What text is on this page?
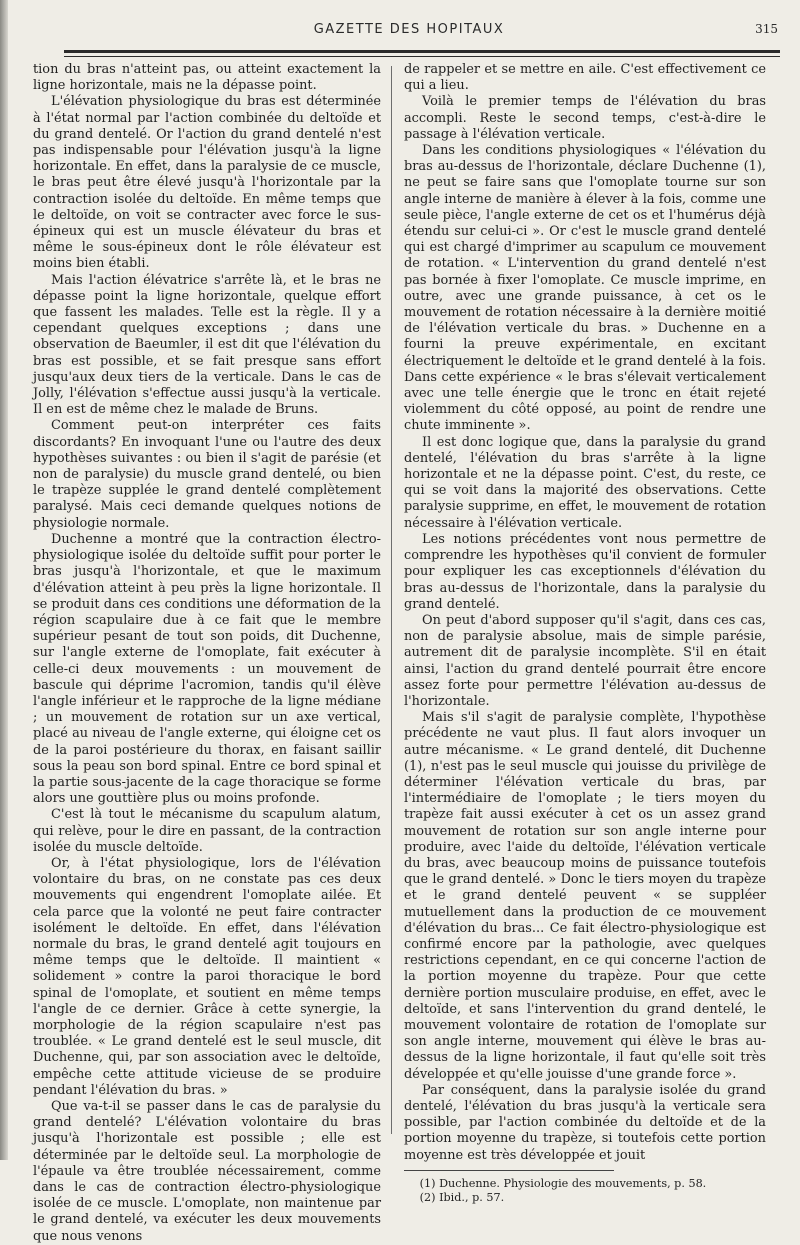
GAZETTE DES HOPITAUX	315

tion du bras n'atteint pas, ou atteint exactement la ligne horizontale, mais ne la dépasse point.

L'élévation physiologique du bras est déterminée à l'état normal par l'action combinée du deltoïde et du grand dentelé. Or l'action du grand dentelé n'est pas indispensable pour l'élévation jusqu'à la ligne horizontale. En effet, dans la paralysie de ce muscle, le bras peut être élevé jusqu'à l'horizontale par la contraction isolée du deltoïde. En même temps que le deltoïde, on voit se contracter avec force le sus-épineux qui est un muscle élévateur du bras et même le sous-épineux dont le rôle élévateur est moins bien établi.

Mais l'action élévatrice s'arrête là, et le bras ne dépasse point la ligne horizontale, quelque effort que fassent les malades. Telle est la règle. Il y a cependant quelques exceptions ; dans une observation de Baeumler, il est dit que l'élévation du bras est possible, et se fait presque sans effort jusqu'aux deux tiers de la verticale. Dans le cas de Jolly, l'élévation s'effectue aussi jusqu'à la verticale. Il en est de même chez le malade de Bruns.

Comment peut-on interpréter ces faits discordants? En invoquant l'une ou l'autre des deux hypothèses suivantes : ou bien il s'agit de parésie (et non de paralysie) du muscle grand dentelé, ou bien le trapèze supplée le grand dentelé complètement paralysé. Mais ceci demande quelques notions de physiologie normale.

Duchenne a montré que la contraction électro-physiologique isolée du deltoïde suffit pour porter le bras jusqu'à l'horizontale, et que le maximum d'élévation atteint à peu près la ligne horizontale. Il se produit dans ces conditions une déformation de la région scapulaire due à ce fait que le membre supérieur pesant de tout son poids, dit Duchenne, sur l'angle externe de l'omoplate, fait exécuter à celle-ci deux mouvements : un mouvement de bascule qui déprime l'acromion, tandis qu'il élève l'angle inférieur et le rapproche de la ligne médiane ; un mouvement de rotation sur un axe vertical, placé au niveau de l'angle externe, qui éloigne cet os de la paroi postérieure du thorax, en faisant saillir sous la peau son bord spinal. Entre ce bord spinal et la partie sous-jacente de la cage thoracique se forme alors une gouttière plus ou moins profonde.

C'est là tout le mécanisme du scapulum alatum, qui relève, pour le dire en passant, de la contraction isolée du muscle deltoïde.

Or, à l'état physiologique, lors de l'élévation volontaire du bras, on ne constate pas ces deux mouvements qui engendrent l'omoplate ailée. Et cela parce que la volonté ne peut faire contracter isolément le deltoïde. En effet, dans l'élévation normale du bras, le grand dentelé agit toujours en même temps que le deltoïde. Il maintient « solidement » contre la paroi thoracique le bord spinal de l'omoplate, et soutient en même temps l'angle de ce dernier. Grâce à cette synergie, la morphologie de la région scapulaire n'est pas troublée. « Le grand dentelé est le seul muscle, dit Duchenne, qui, par son association avec le deltoïde, empêche cette attitude vicieuse de se produire pendant l'élévation du bras. »

Que va-t-il se passer dans le cas de paralysie du grand dentelé? L'élévation volontaire du bras jusqu'à l'horizontale est possible ; elle est déterminée par le deltoïde seul. La morphologie de l'épaule va être troublée nécessairement, comme dans le cas de contraction électro-physiologique isolée de ce muscle. L'omoplate, non maintenue par le grand dentelé, va exécuter les deux mouvements que nous venons

de rappeler et se mettre en aile. C'est effectivement ce qui a lieu.

Voilà le premier temps de l'élévation du bras accompli. Reste le second temps, c'est-à-dire le passage à l'élévation verticale.

Dans les conditions physiologiques « l'élévation du bras au-dessus de l'horizontale, déclare Duchenne (1), ne peut se faire sans que l'omoplate tourne sur son angle interne de manière à élever à la fois, comme une seule pièce, l'angle externe de cet os et l'humérus déjà étendu sur celui-ci ». Or c'est le muscle grand dentelé qui est chargé d'imprimer au scapulum ce mouvement de rotation. « L'intervention du grand dentelé n'est pas bornée à fixer l'omoplate. Ce muscle imprime, en outre, avec une grande puissance, à cet os le mouvement de rotation nécessaire à la dernière moitié de l'élévation verticale du bras. » Duchenne en a fourni la preuve expérimentale, en excitant électriquement le deltoïde et le grand dentelé à la fois. Dans cette expérience « le bras s'élevait verticalement avec une telle énergie que le tronc en était rejeté violemment du côté opposé, au point de rendre une chute imminente ».

Il est donc logique que, dans la paralysie du grand dentelé, l'élévation du bras s'arrête à la ligne horizontale et ne la dépasse point. C'est, du reste, ce qui se voit dans la majorité des observations. Cette paralysie supprime, en effet, le mouvement de rotation nécessaire à l'élévation verticale.

Les notions précédentes vont nous permettre de comprendre les hypothèses qu'il convient de formuler pour expliquer les cas exceptionnels d'élévation du bras au-dessus de l'horizontale, dans la paralysie du grand dentelé.

On peut d'abord supposer qu'il s'agit, dans ces cas, non de paralysie absolue, mais de simple parésie, autrement dit de paralysie incomplète. S'il en était ainsi, l'action du grand dentelé pourrait être encore assez forte pour permettre l'élévation au-dessus de l'horizontale.

Mais s'il s'agit de paralysie complète, l'hypothèse précédente ne vaut plus. Il faut alors invoquer un autre mécanisme. « Le grand dentelé, dit Duchenne (1), n'est pas le seul muscle qui jouisse du privilège de déterminer l'élévation verticale du bras, par l'intermédiaire de l'omoplate ; le tiers moyen du trapèze fait aussi exécuter à cet os un assez grand mouvement de rotation sur son angle interne pour produire, avec l'aide du deltoïde, l'élévation verticale du bras, avec beaucoup moins de puissance toutefois que le grand dentelé. » Donc le tiers moyen du trapèze et le grand dentelé peuvent « se suppléer mutuellement dans la production de ce mouvement d'élévation du bras... Ce fait électro-physiologique est confirmé encore par la pathologie, avec quelques restrictions cependant, en ce qui concerne l'action de la portion moyenne du trapèze. Pour que cette dernière portion musculaire produise, en effet, avec le deltoïde, et sans l'intervention du grand dentelé, le mouvement volontaire de rotation de l'omoplate sur son angle interne, mouvement qui élève le bras au-dessus de la ligne horizontale, il faut qu'elle soit très développée et qu'elle jouisse d'une grande force ».

Par conséquent, dans la paralysie isolée du grand dentelé, l'élévation du bras jusqu'à la verticale sera possible, par l'action combinée du deltoïde et de la portion moyenne du trapèze, si toutefois cette portion moyenne est très développée et jouit

(1) Duchenne. Physiologie des mouvements, p. 58.

(2) Ibid., p. 57.
